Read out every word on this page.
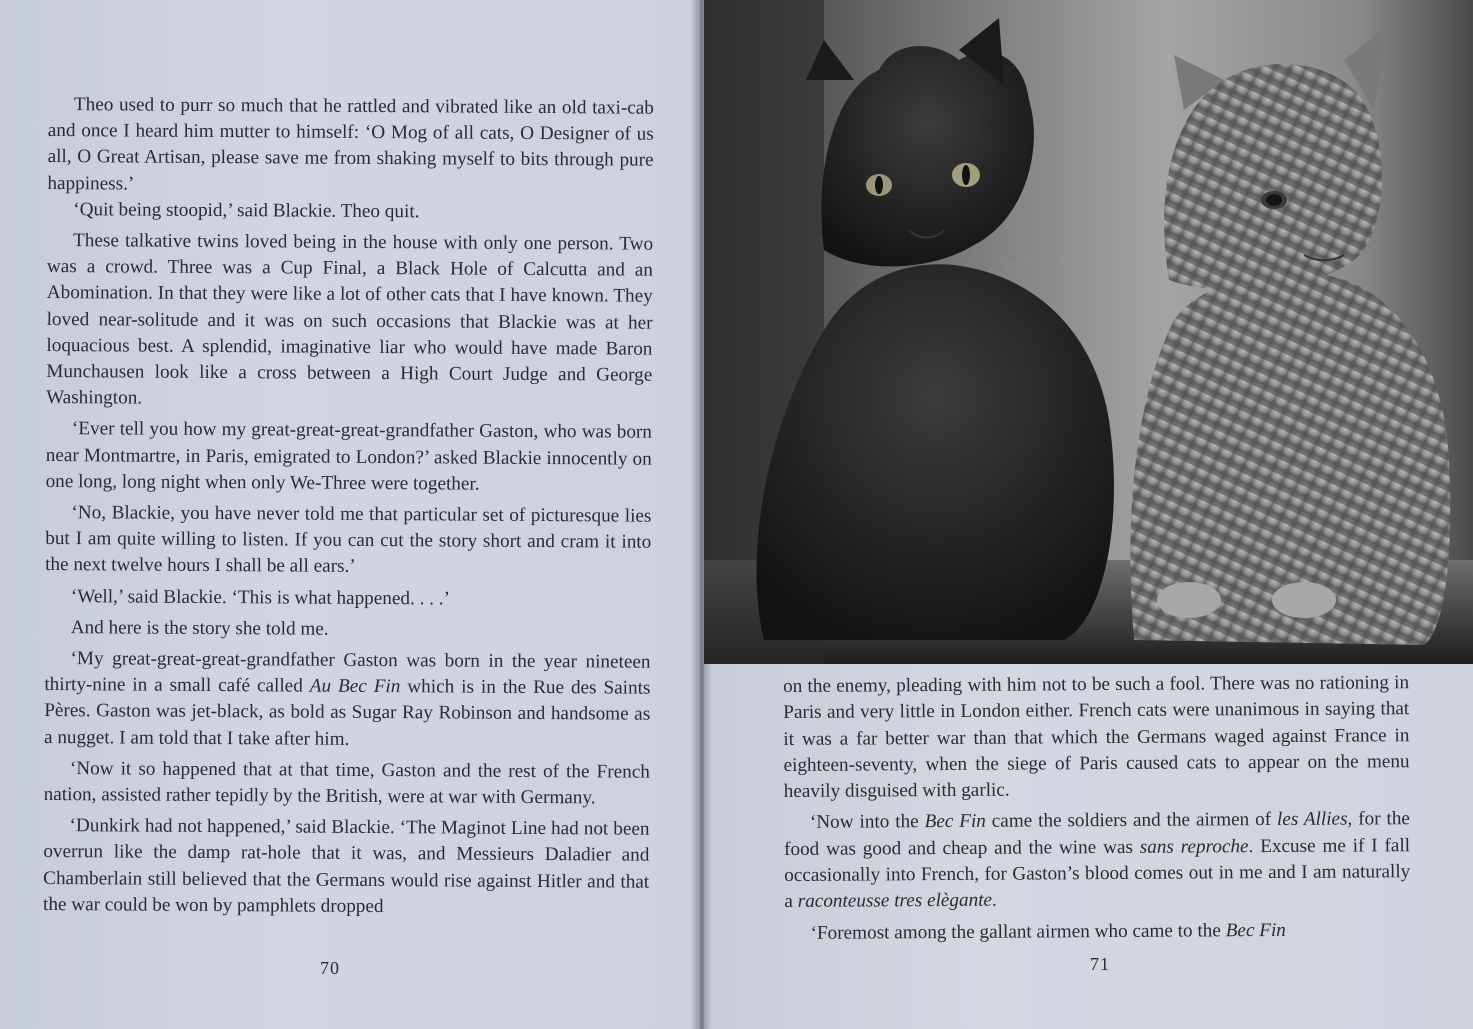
Theo used to purr so much that he rattled and vibrated like an old taxi-cab and once I heard him mutter to himself: ‘O Mog of all cats, O Designer of us all, O Great Artisan, please save me from shaking myself to bits through pure happiness.’

‘Quit being stoopid,’ said Blackie. Theo quit.

These talkative twins loved being in the house with only one person. Two was a crowd. Three was a Cup Final, a Black Hole of Calcutta and an Abomination. In that they were like a lot of other cats that I have known. They loved near-solitude and it was on such occasions that Blackie was at her loquacious best. A splendid, imaginative liar who would have made Baron Munchausen look like a cross between a High Court Judge and George Washington.

‘Ever tell you how my great-great-great-grandfather Gaston, who was born near Montmartre, in Paris, emigrated to London?’ asked Blackie innocently on one long, long night when only We-Three were together.

‘No, Blackie, you have never told me that particular set of picturesque lies but I am quite willing to listen. If you can cut the story short and cram it into the next twelve hours I shall be all ears.’

‘Well,’ said Blackie. ‘This is what happened. . . .’

And here is the story she told me.

‘My great-great-great-grandfather Gaston was born in the year nineteen thirty-nine in a small café called Au Bec Fin which is in the Rue des Saints Pères. Gaston was jet-black, as bold as Sugar Ray Robinson and handsome as a nugget. I am told that I take after him.

‘Now it so happened that at that time, Gaston and the rest of the French nation, assisted rather tepidly by the British, were at war with Germany.

‘Dunkirk had not happened,’ said Blackie. ‘The Maginot Line had not been overrun like the damp rat-hole that it was, and Messieurs Daladier and Chamberlain still believed that the Germans would rise against Hitler and that the war could be won by pamphlets dropped

70

on the enemy, pleading with him not to be such a fool. There was no rationing in Paris and very little in London either. French cats were unanimous in saying that it was a far better war than that which the Germans waged against France in eighteen-seventy, when the siege of Paris caused cats to appear on the menu heavily disguised with garlic.

‘Now into the Bec Fin came the soldiers and the airmen of les Allies, for the food was good and cheap and the wine was sans reproche. Excuse me if I fall occasionally into French, for Gaston’s blood comes out in me and I am naturally a raconteusse tres elègante.

‘Foremost among the gallant airmen who came to the Bec Fin

71
